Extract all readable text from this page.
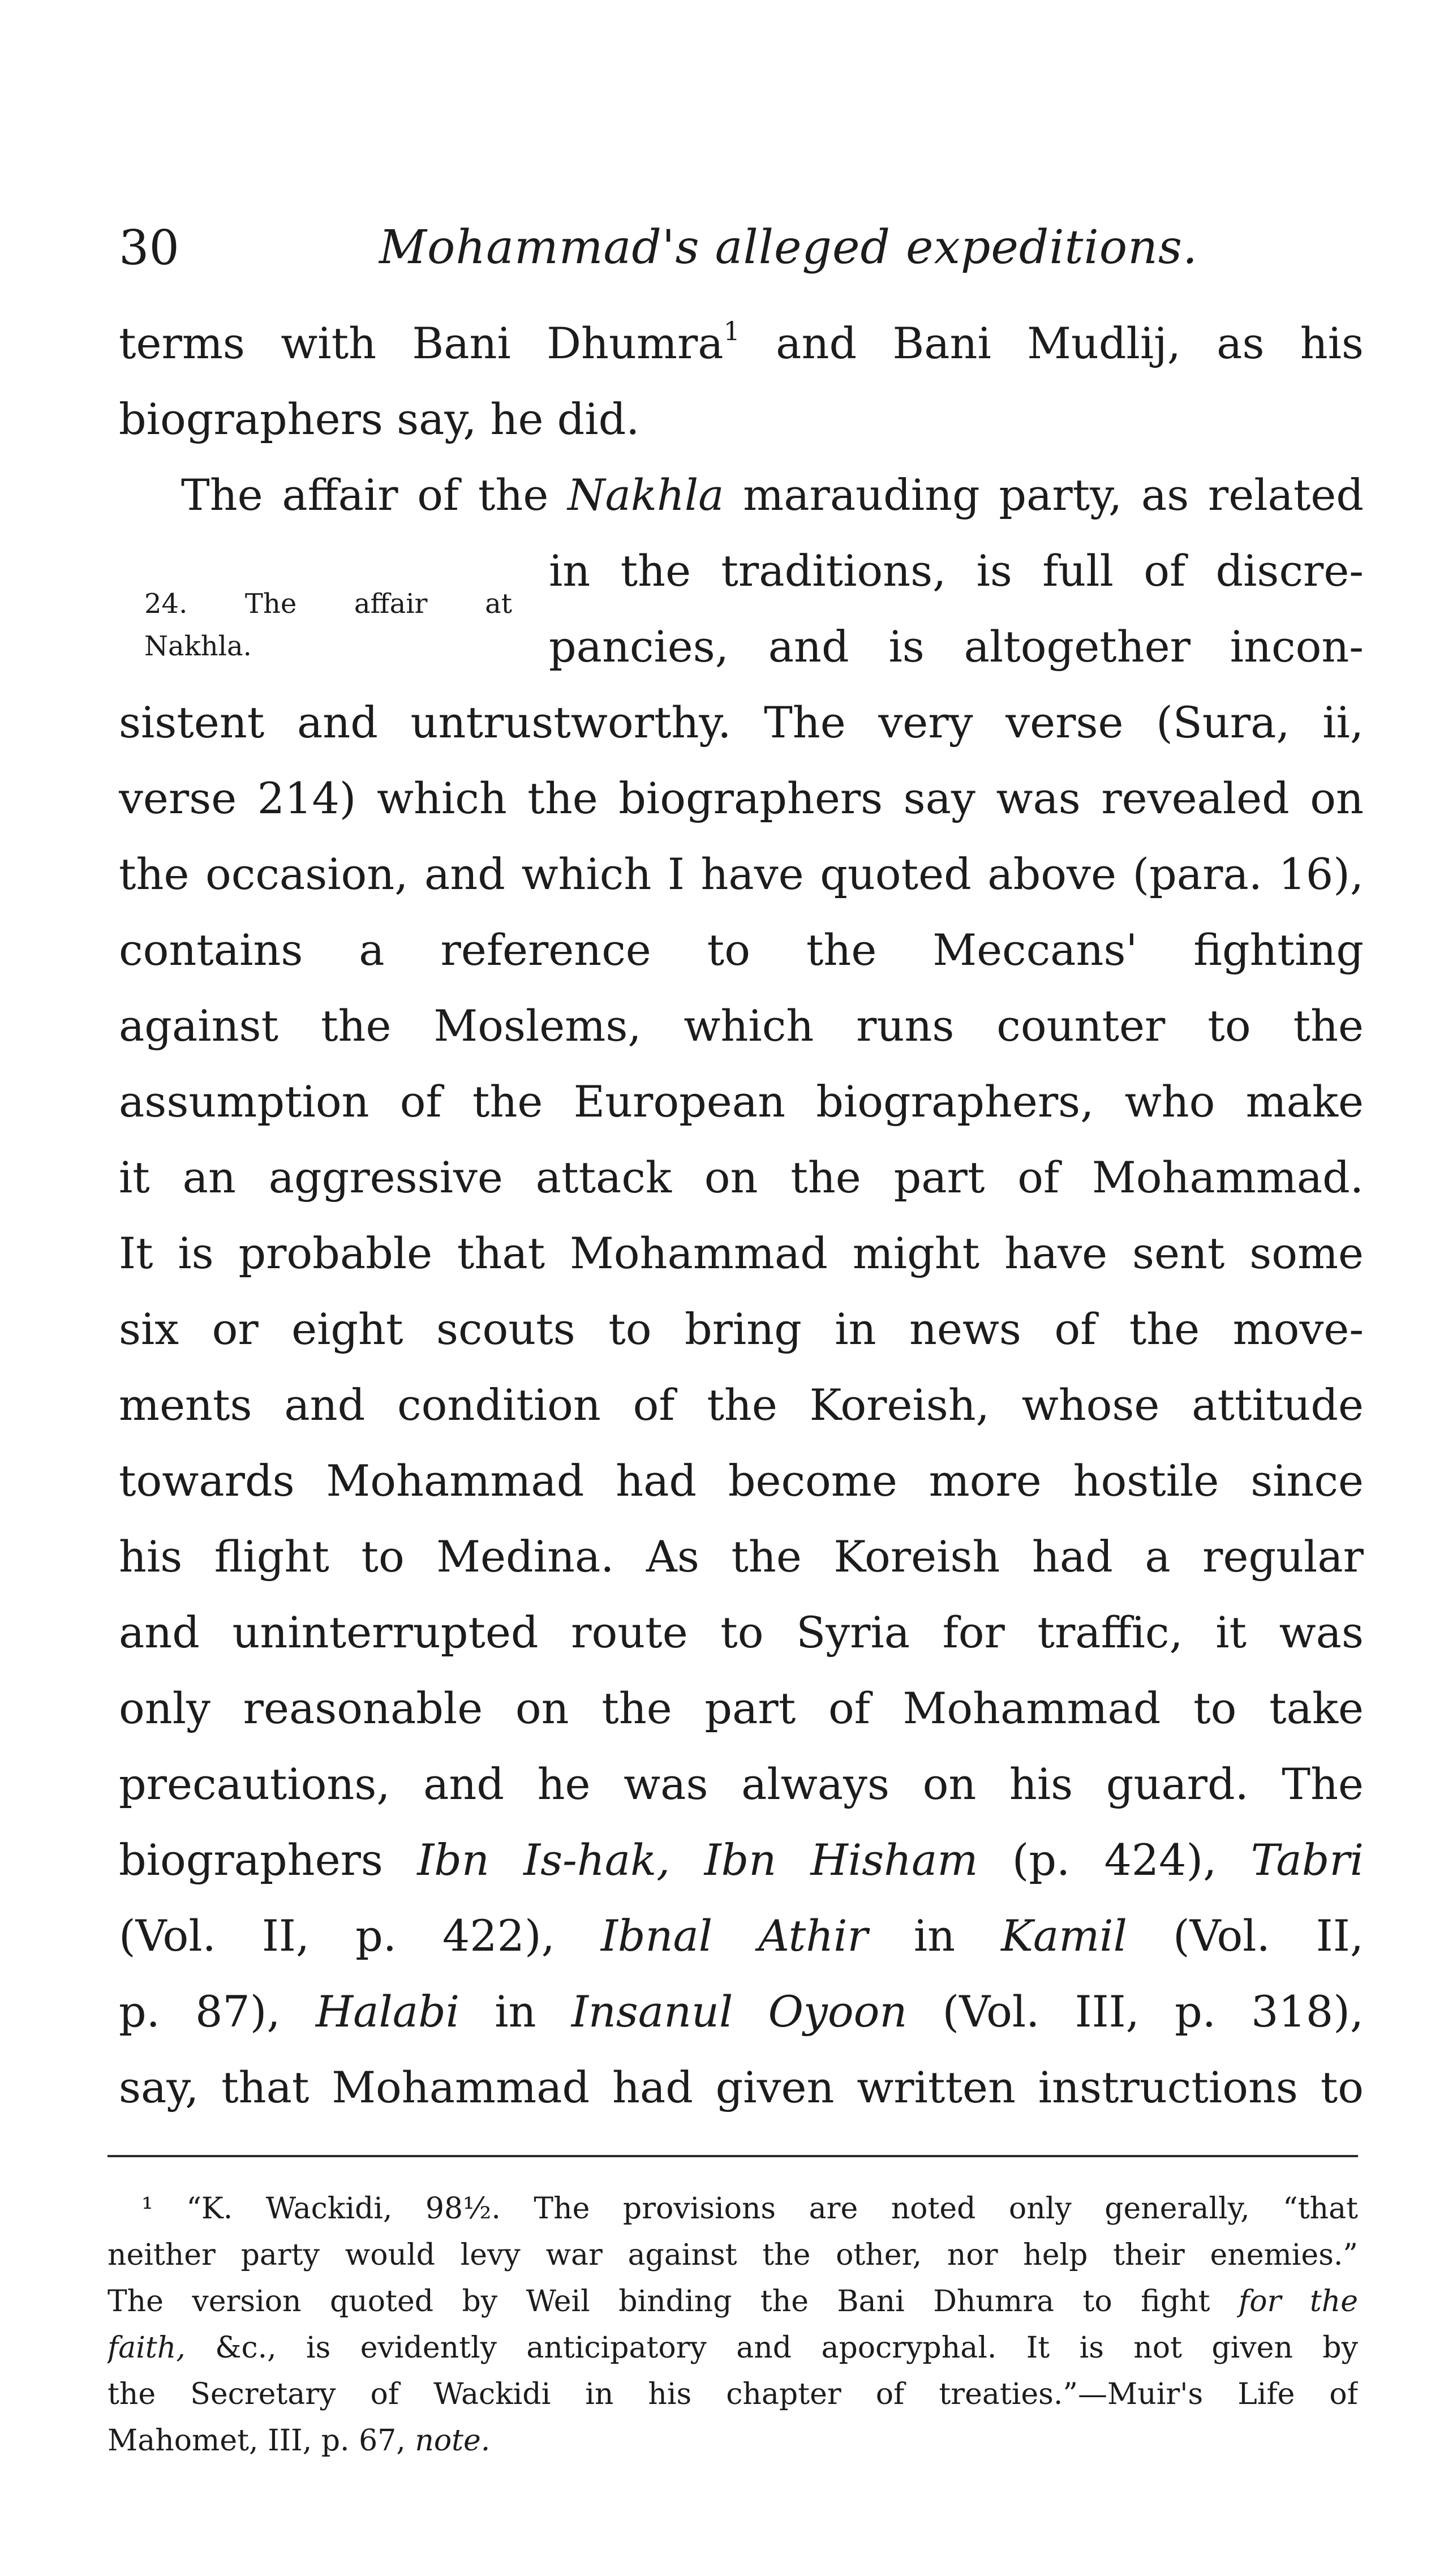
30	Mohammad's alleged expeditions.
terms with Bani Dhumra$^1$ and Bani Mudlij, as his
biographers say, he did.
The affair of the Nakhla marauding party, as related
24. The affair at
Nakhla.
in the traditions, is full of discre-
pancies, and is altogether incon-
sistent and untrustworthy. The very verse (Sura, ii,
verse 214) which the biographers say was revealed on
the occasion, and which I have quoted above (para. 16),
contains a reference to the Meccans' fighting
against the Moslems, which runs counter to the
assumption of the European biographers, who make
it an aggressive attack on the part of Mohammad.
It is probable that Mohammad might have sent some
six or eight scouts to bring in news of the move-
ments and condition of the Koreish, whose attitude
towards Mohammad had become more hostile since
his flight to Medina. As the Koreish had a regular
and uninterrupted route to Syria for traffic, it was
only reasonable on the part of Mohammad to take
precautions, and he was always on his guard. The
biographers Ibn Is-hak, Ibn Hisham (p. 424), Tabri
(Vol. II, p. 422), Ibnal Athir in Kamil (Vol. II,
p. 87), Halabi in Insanul Oyoon (Vol. III, p. 318),
say, that Mohammad had given written instructions to
¹ “K. Wackidi, 98½. The provisions are noted only generally, “that
neither party would levy war against the other, nor help their enemies.”
The version quoted by Weil binding the Bani Dhumra to fight for the
faith, &c., is evidently anticipatory and apocryphal. It is not given by
the Secretary of Wackidi in his chapter of treaties.”—Muir's Life of
Mahomet, III, p. 67, note.
